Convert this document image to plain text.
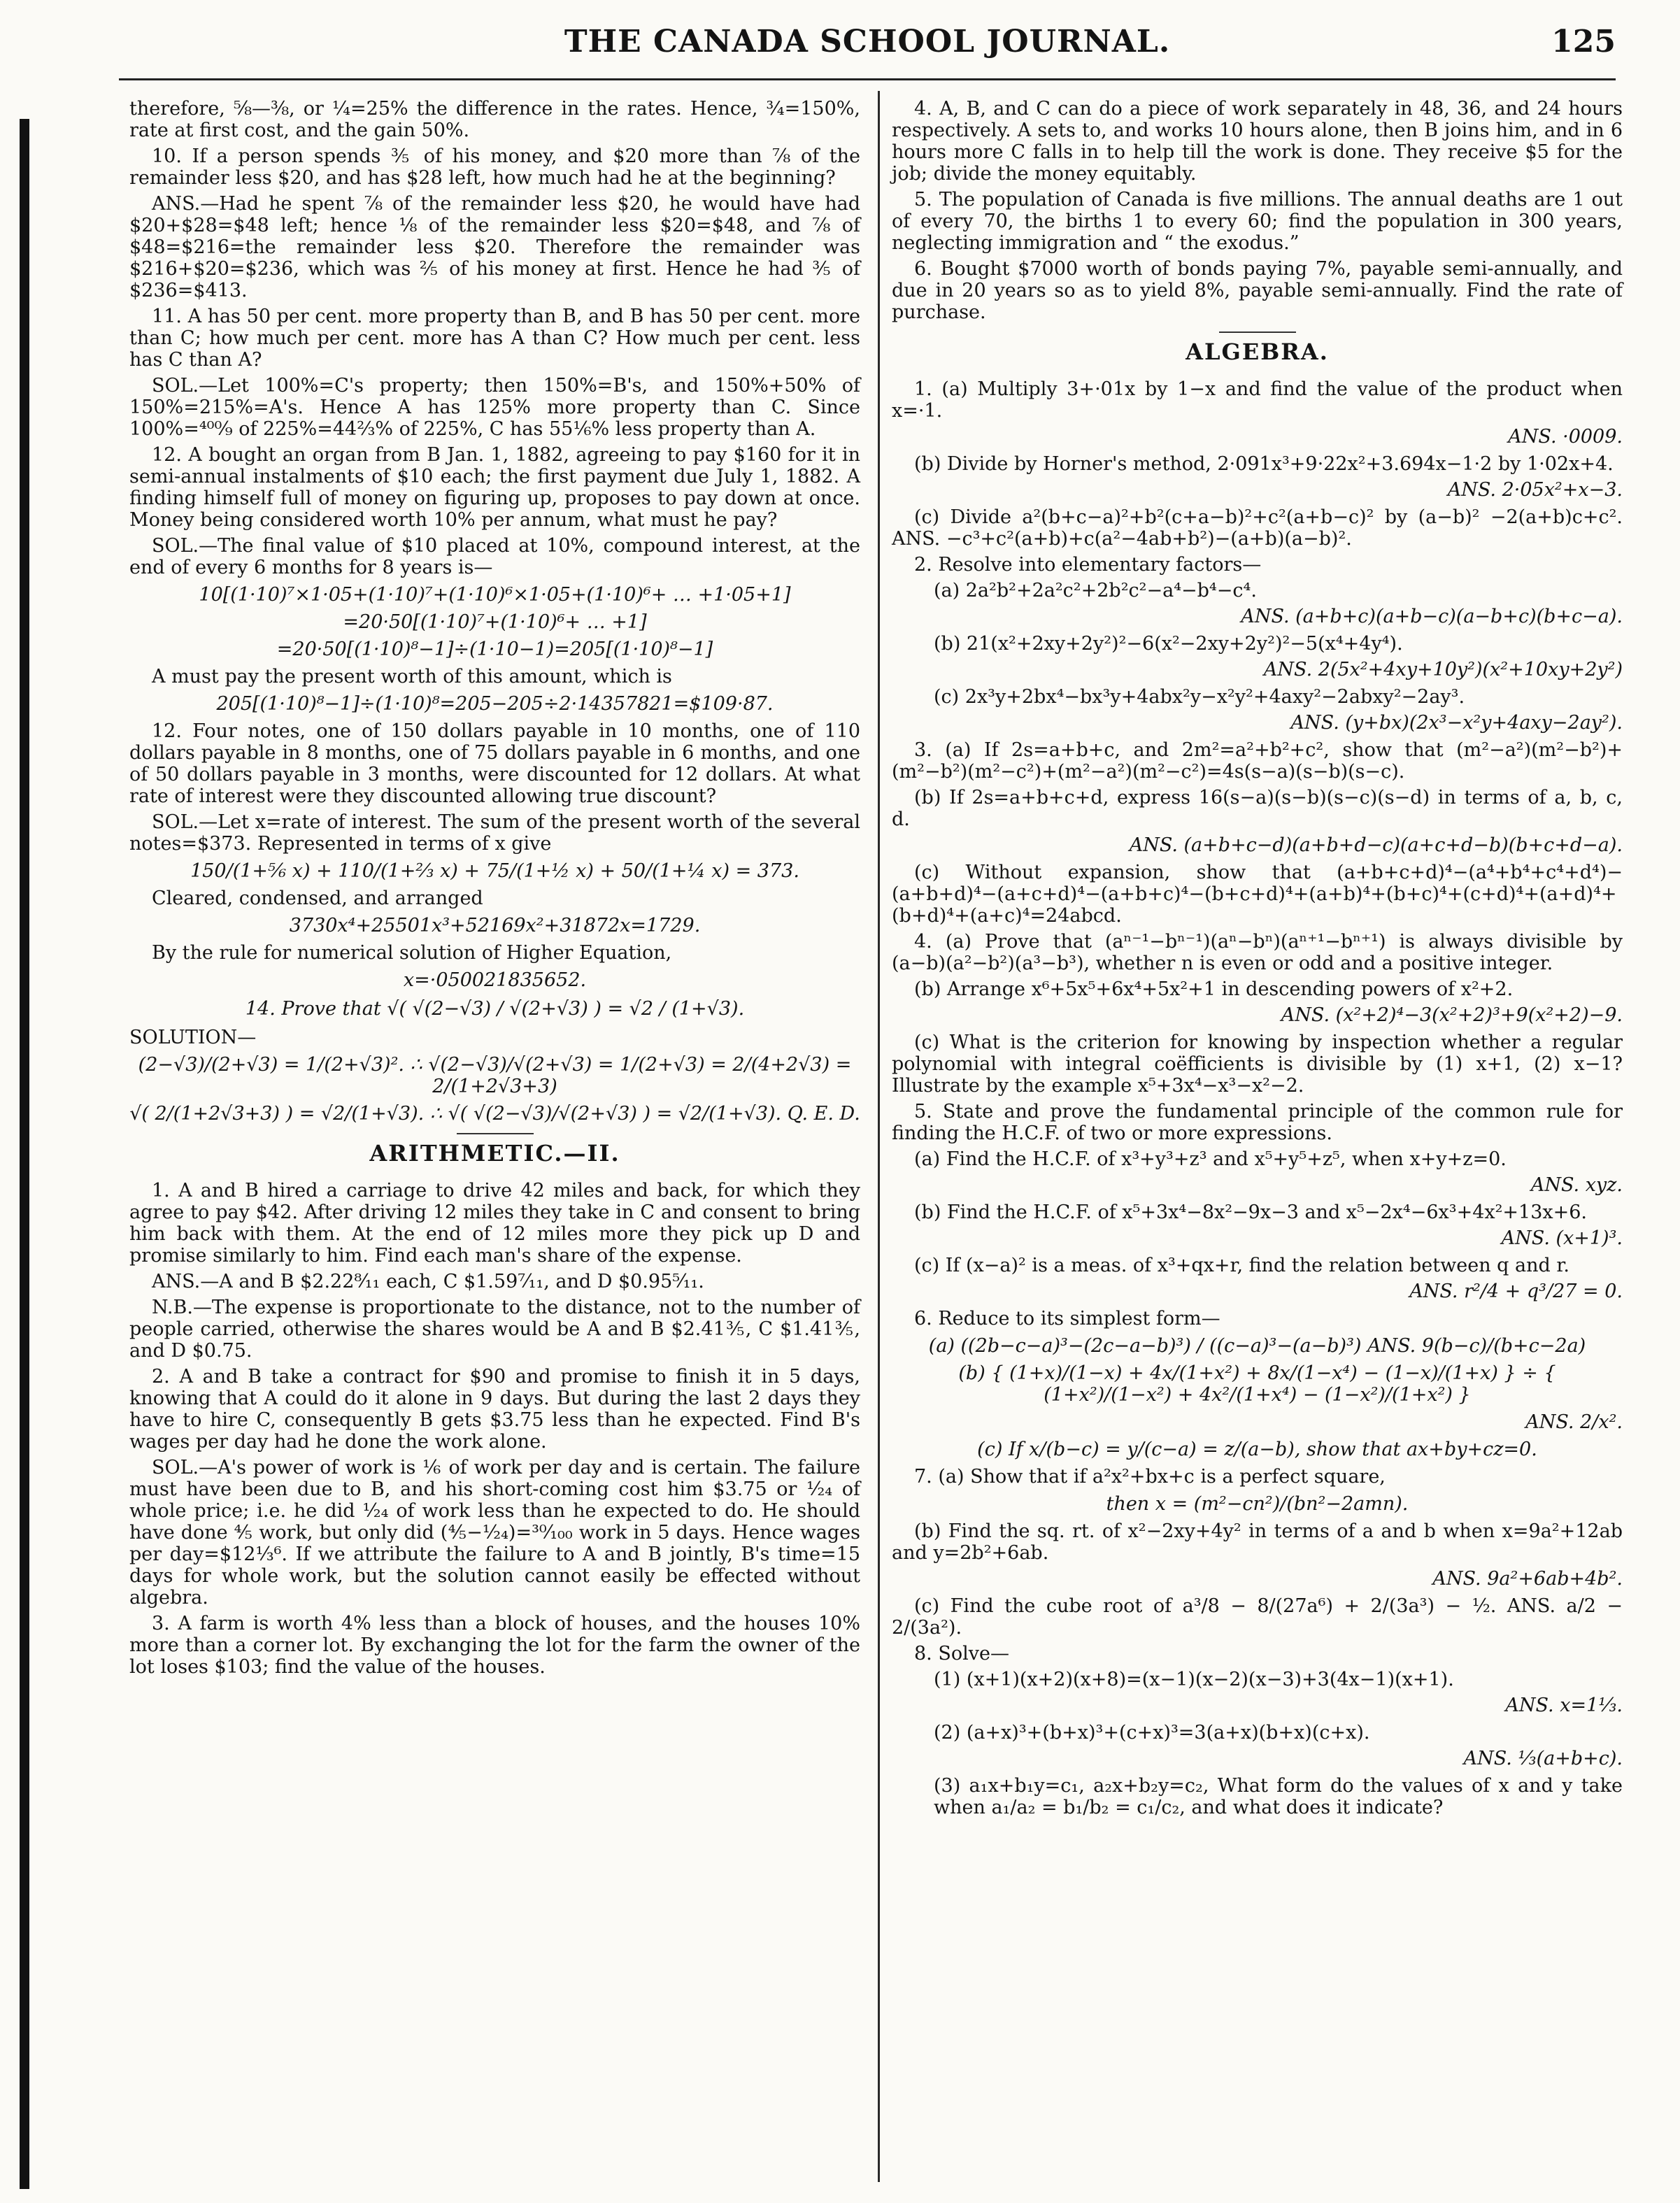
THE CANADA SCHOOL JOURNAL.	125

therefore, ⅝—⅜, or ¼=25% the difference in the rates. Hence, ¾=150%, rate at first cost, and the gain 50%.

10. If a person spends ⅗ of his money, and $20 more than ⅞ of the remainder less $20, and has $28 left, how much had he at the beginning?

ANS.—Had he spent ⅞ of the remainder less $20, he would have had $20+$28=$48 left; hence ⅛ of the remainder less $20=$48, and ⅞ of $48=$216=the remainder less $20. Therefore the remainder was $216+$20=$236, which was ⅖ of his money at first. Hence he had ⅗ of $236=$413.

11. A has 50 per cent. more property than B, and B has 50 per cent. more than C; how much per cent. more has A than C? How much per cent. less has C than A?

SOL.—Let 100%=C's property; then 150%=B's, and 150%+50% of 150%=215%=A's. Hence A has 125% more property than C. Since 100%=⁴⁰⁰⁄₉ of 225%=44⅔% of 225%, C has 55⅙% less property than A.

12. A bought an organ from B Jan. 1, 1882, agreeing to pay $160 for it in semi-annual instalments of $10 each; the first payment due July 1, 1882. A finding himself full of money on figuring up, proposes to pay down at once. Money being considered worth 10% per annum, what must he pay?

SOL.—The final value of $10 placed at 10%, compound interest, at the end of every 6 months for 8 years is—

10[(1·10)⁷×1·05+(1·10)⁷+(1·10)⁶×1·05+(1·10)⁶+ … +1·05+1]
=20·50[(1·10)⁷+(1·10)⁶+ … +1]
=20·50[(1·10)⁸−1]÷(1·10−1)=205[(1·10)⁸−1]

A must pay the present worth of this amount, which is

205[(1·10)⁸−1]÷(1·10)⁸=205−205÷2·14357821=$109·87.

12. Four notes, one of 150 dollars payable in 10 months, one of 110 dollars payable in 8 months, one of 75 dollars payable in 6 months, and one of 50 dollars payable in 3 months, were discounted for 12 dollars. At what rate of interest were they discounted allowing true discount?

SOL.—Let x=rate of interest. The sum of the present worth of the several notes=$373. Represented in terms of x give

150/(1+⅚ x) + 110/(1+⅔ x) + 75/(1+½ x) + 50/(1+¼ x) = 373.

Cleared, condensed, and arranged

3730x⁴+25501x³+52169x²+31872x=1729.

By the rule for numerical solution of Higher Equation,

x=·050021835652.
14. Prove that √( √(2−√3) / √(2+√3) ) = √2 / (1+√3).

SOLUTION—

(2−√3)/(2+√3) = 1/(2+√3)². ∴ √(2−√3)/√(2+√3) = 1/(2+√3) = 2/(4+2√3) = 2/(1+2√3+3)
√( 2/(1+2√3+3) ) = √2/(1+√3). ∴ √( √(2−√3)/√(2+√3) ) = √2/(1+√3). Q. E. D.
ARITHMETIC.—II.

1. A and B hired a carriage to drive 42 miles and back, for which they agree to pay $42. After driving 12 miles they take in C and consent to bring him back with them. At the end of 12 miles more they pick up D and promise similarly to him. Find each man's share of the expense.

ANS.—A and B $2.22⁸⁄₁₁ each, C $1.59⁷⁄₁₁, and D $0.95⁵⁄₁₁.

N.B.—The expense is proportionate to the distance, not to the number of people carried, otherwise the shares would be A and B $2.41⅗, C $1.41⅗, and D $0.75.

2. A and B take a contract for $90 and promise to finish it in 5 days, knowing that A could do it alone in 9 days. But during the last 2 days they have to hire C, consequently B gets $3.75 less than he expected. Find B's wages per day had he done the work alone.

SOL.—A's power of work is ⅙ of work per day and is certain. The failure must have been due to B, and his short-coming cost him $3.75 or ¹⁄₂₄ of whole price; i.e. he did ¹⁄₂₄ of work less than he expected to do. He should have done ⅘ work, but only did (⅘−¹⁄₂₄)=³⁰⁄₁₀₀ work in 5 days. Hence wages per day=$12⅓⁶. If we attribute the failure to A and B jointly, B's time=15 days for whole work, but the solution cannot easily be effected without algebra.

3. A farm is worth 4% less than a block of houses, and the houses 10% more than a corner lot. By exchanging the lot for the farm the owner of the lot loses $103; find the value of the houses.

4. A, B, and C can do a piece of work separately in 48, 36, and 24 hours respectively. A sets to, and works 10 hours alone, then B joins him, and in 6 hours more C falls in to help till the work is done. They receive $5 for the job; divide the money equitably.

5. The population of Canada is five millions. The annual deaths are 1 out of every 70, the births 1 to every 60; find the population in 300 years, neglecting immigration and “ the exodus.”

6. Bought $7000 worth of bonds paying 7%, payable semi-annually, and due in 20 years so as to yield 8%, payable semi-annually. Find the rate of purchase.

ALGEBRA.

1. (a) Multiply 3+·01x by 1−x and find the value of the product when x=·1.

ANS. ·0009.

(b) Divide by Horner's method, 2·091x³+9·22x²+3.694x−1·2 by 1·02x+4.

ANS. 2·05x²+x−3.

(c) Divide a²(b+c−a)²+b²(c+a−b)²+c²(a+b−c)² by (a−b)² −2(a+b)c+c². ANS. −c³+c²(a+b)+c(a²−4ab+b²)−(a+b)(a−b)².

2. Resolve into elementary factors—

(a) 2a²b²+2a²c²+2b²c²−a⁴−b⁴−c⁴.

ANS. (a+b+c)(a+b−c)(a−b+c)(b+c−a).

(b) 21(x²+2xy+2y²)²−6(x²−2xy+2y²)²−5(x⁴+4y⁴).

ANS. 2(5x²+4xy+10y²)(x²+10xy+2y²)

(c) 2x³y+2bx⁴−bx³y+4abx²y−x²y²+4axy²−2abxy²−2ay³.

ANS. (y+bx)(2x³−x²y+4axy−2ay²).

3. (a) If 2s=a+b+c, and 2m²=a²+b²+c², show that (m²−a²)(m²−b²)+(m²−b²)(m²−c²)+(m²−a²)(m²−c²)=4s(s−a)(s−b)(s−c).

(b) If 2s=a+b+c+d, express 16(s−a)(s−b)(s−c)(s−d) in terms of a, b, c, d.

ANS. (a+b+c−d)(a+b+d−c)(a+c+d−b)(b+c+d−a).

(c) Without expansion, show that (a+b+c+d)⁴−(a⁴+b⁴+c⁴+d⁴)−(a+b+d)⁴−(a+c+d)⁴−(a+b+c)⁴−(b+c+d)⁴+(a+b)⁴+(b+c)⁴+(c+d)⁴+(a+d)⁴+(b+d)⁴+(a+c)⁴=24abcd.

4. (a) Prove that (aⁿ⁻¹−bⁿ⁻¹)(aⁿ−bⁿ)(aⁿ⁺¹−bⁿ⁺¹) is always divisible by (a−b)(a²−b²)(a³−b³), whether n is even or odd and a positive integer.

(b) Arrange x⁶+5x⁵+6x⁴+5x²+1 in descending powers of x²+2.

ANS. (x²+2)⁴−3(x²+2)³+9(x²+2)−9.

(c) What is the criterion for knowing by inspection whether a regular polynomial with integral coëfficients is divisible by (1) x+1, (2) x−1? Illustrate by the example x⁵+3x⁴−x³−x²−2.

5. State and prove the fundamental principle of the common rule for finding the H.C.F. of two or more expressions.

(a) Find the H.C.F. of x³+y³+z³ and x⁵+y⁵+z⁵, when x+y+z=0.

ANS. xyz.

(b) Find the H.C.F. of x⁵+3x⁴−8x²−9x−3 and x⁵−2x⁴−6x³+4x²+13x+6.

ANS. (x+1)³.

(c) If (x−a)² is a meas. of x³+qx+r, find the relation between q and r.

ANS. r²/4 + q³/27 = 0.

6. Reduce to its simplest form—

(a) ((2b−c−a)³−(2c−a−b)³) / ((c−a)³−(a−b)³) ANS. 9(b−c)/(b+c−2a)
(b) { (1+x)/(1−x) + 4x/(1+x²) + 8x/(1−x⁴) − (1−x)/(1+x) } ÷ { (1+x²)/(1−x²) + 4x²/(1+x⁴) − (1−x²)/(1+x²) }
ANS. 2/x².
(c) If x/(b−c) = y/(c−a) = z/(a−b), show that ax+by+cz=0.

7. (a) Show that if a²x²+bx+c is a perfect square,

then x = (m²−cn²)/(bn²−2amn).

(b) Find the sq. rt. of x²−2xy+4y² in terms of a and b when x=9a²+12ab and y=2b²+6ab.

ANS. 9a²+6ab+4b².

(c) Find the cube root of a³/8 − 8/(27a⁶) + 2/(3a³) − ½. ANS. a/2 − 2/(3a²).

8. Solve—

(1) (x+1)(x+2)(x+8)=(x−1)(x−2)(x−3)+3(4x−1)(x+1).

ANS. x=1⅓.

(2) (a+x)³+(b+x)³+(c+x)³=3(a+x)(b+x)(c+x).

ANS. ⅓(a+b+c).

(3) a₁x+b₁y=c₁, a₂x+b₂y=c₂, What form do the values of x and y take when a₁/a₂ = b₁/b₂ = c₁/c₂, and what does it indicate?
